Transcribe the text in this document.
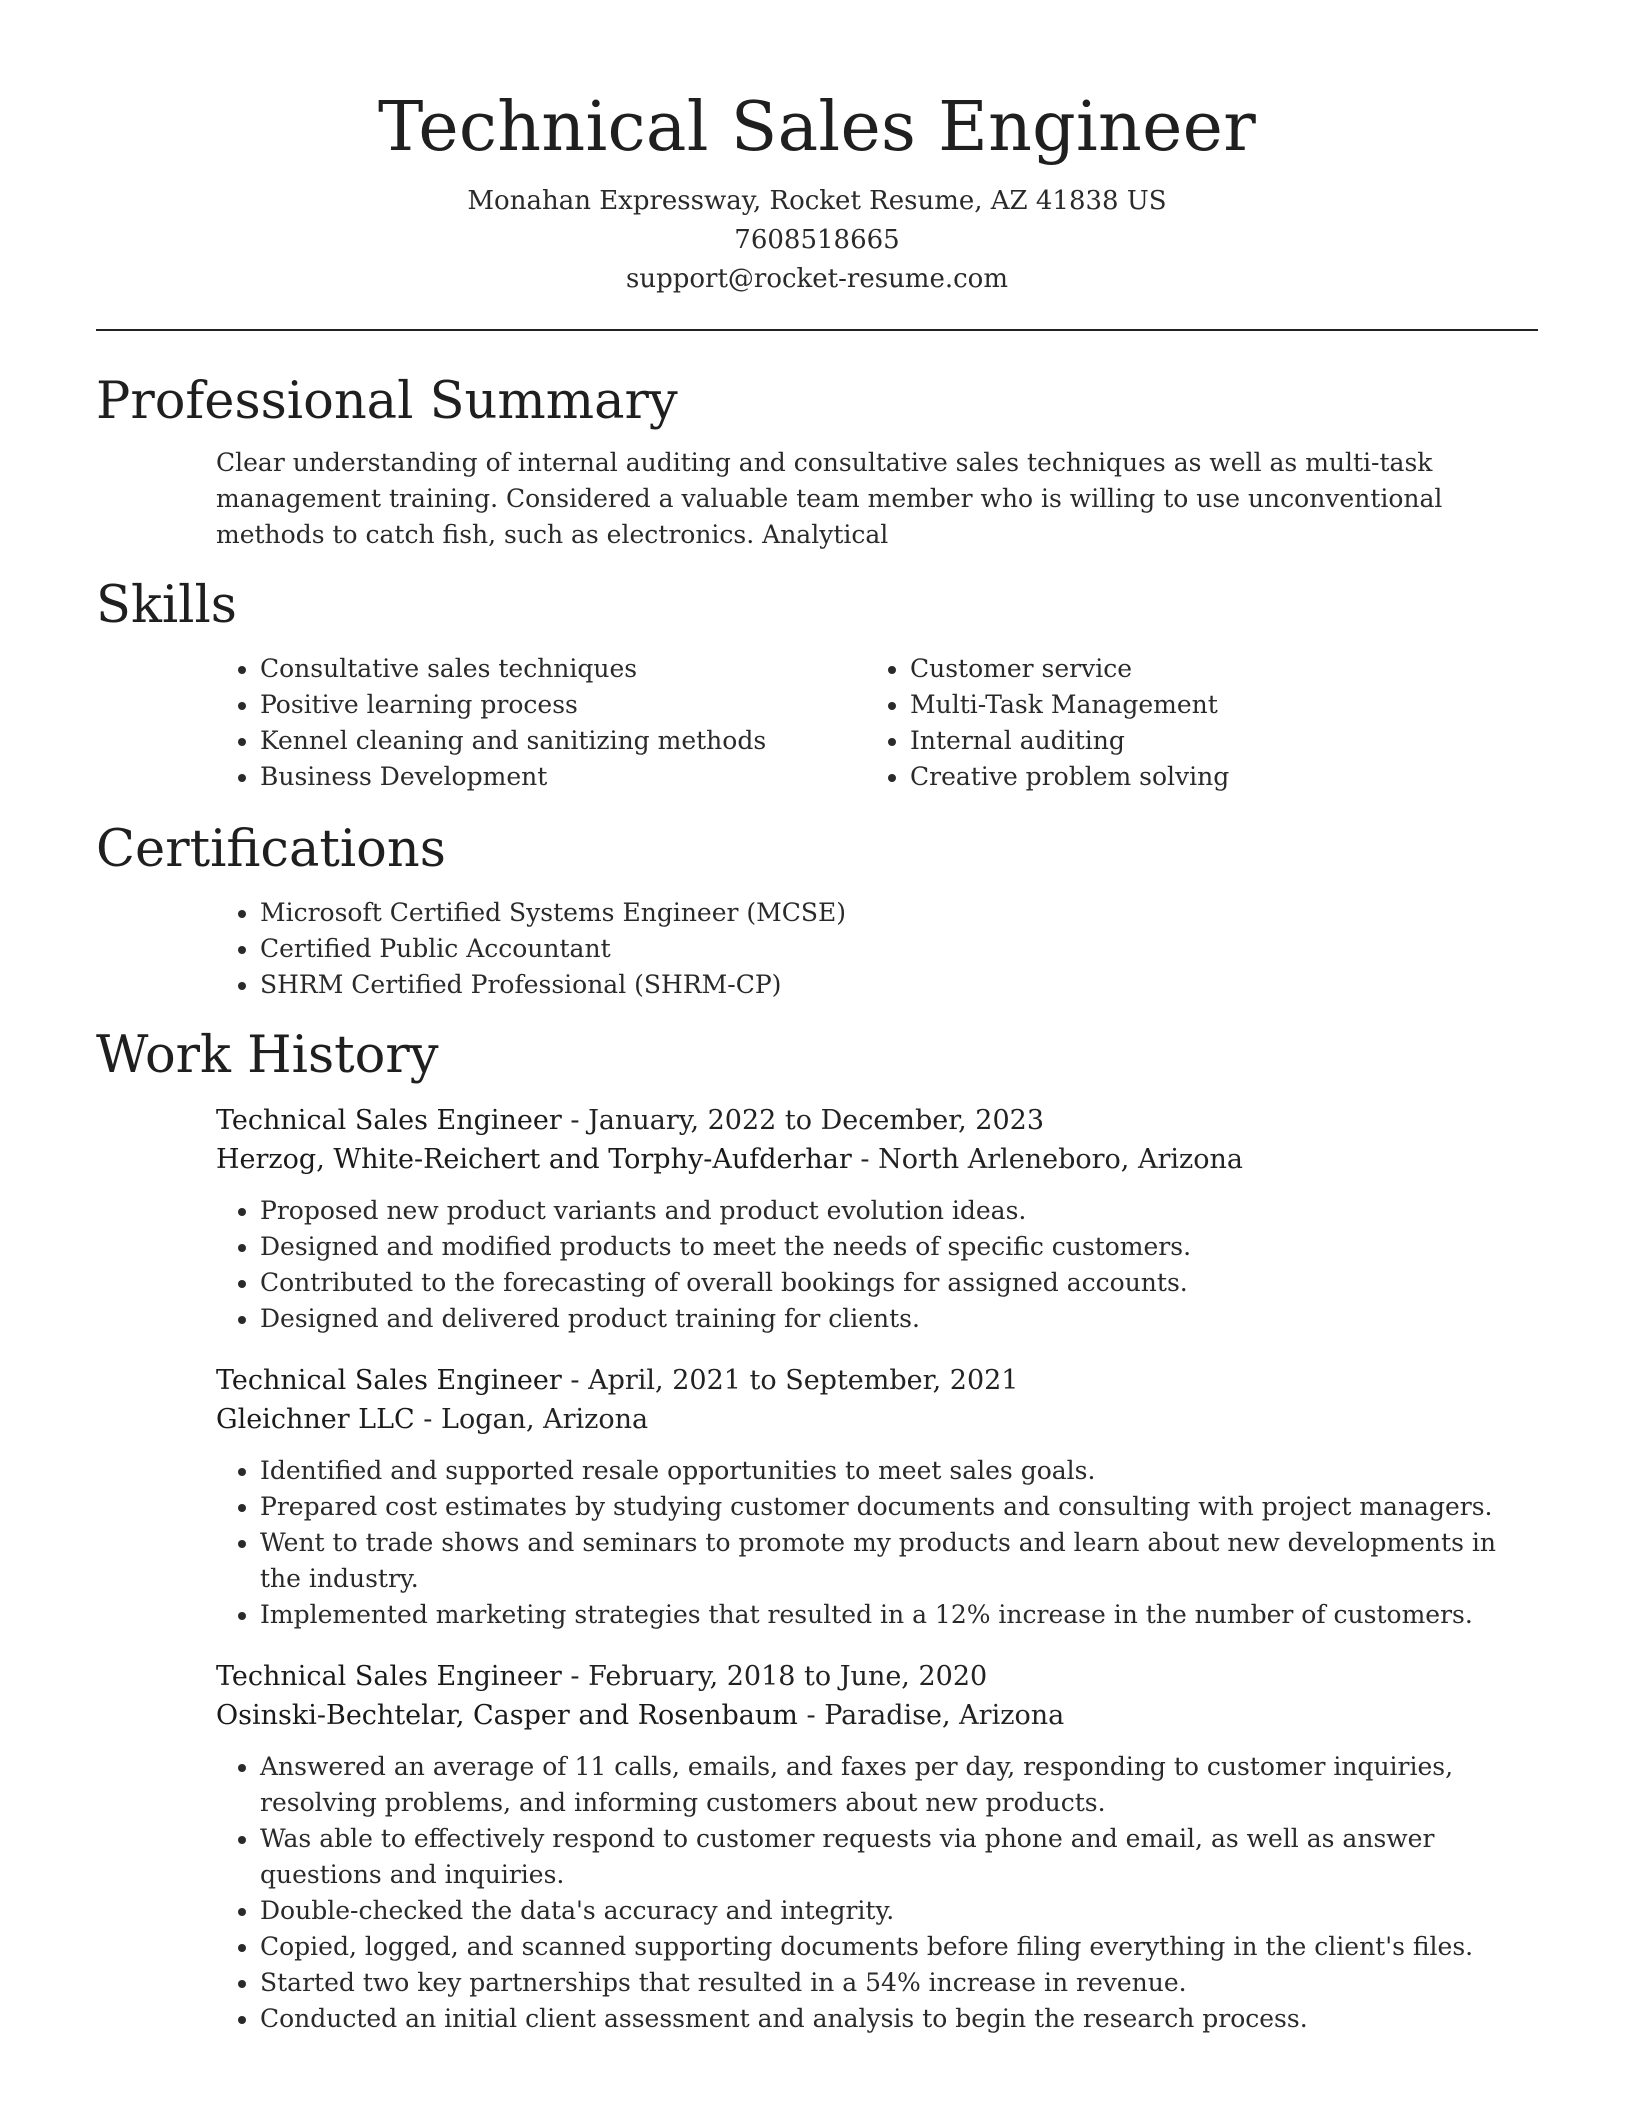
Technical Sales Engineer
Monahan Expressway, Rocket Resume, AZ 41838 US
7608518665
support@rocket-resume.com
Professional Summary
Clear understanding of internal auditing and consultative sales techniques as well as multi-task management training. Considered a valuable team member who is willing to use unconventional methods to catch fish, such as electronics. Analytical
Skills
• Consultative sales techniques
• Positive learning process
• Kennel cleaning and sanitizing methods
• Business Development
• Customer service
• Multi-Task Management
• Internal auditing
• Creative problem solving
Certifications
• Microsoft Certified Systems Engineer (MCSE)
• Certified Public Accountant
• SHRM Certified Professional (SHRM-CP)
Work History
Technical Sales Engineer - January, 2022 to December, 2023
Herzog, White-Reichert and Torphy-Aufderhar - North Arleneboro, Arizona
• Proposed new product variants and product evolution ideas.
• Designed and modified products to meet the needs of specific customers.
• Contributed to the forecasting of overall bookings for assigned accounts.
• Designed and delivered product training for clients.
Technical Sales Engineer - April, 2021 to September, 2021
Gleichner LLC - Logan, Arizona
• Identified and supported resale opportunities to meet sales goals.
• Prepared cost estimates by studying customer documents and consulting with project managers.
• Went to trade shows and seminars to promote my products and learn about new developments in the industry.
• Implemented marketing strategies that resulted in a 12% increase in the number of customers.
Technical Sales Engineer - February, 2018 to June, 2020
Osinski-Bechtelar, Casper and Rosenbaum - Paradise, Arizona
• Answered an average of 11 calls, emails, and faxes per day, responding to customer inquiries, resolving problems, and informing customers about new products.
• Was able to effectively respond to customer requests via phone and email, as well as answer questions and inquiries.
• Double-checked the data's accuracy and integrity.
• Copied, logged, and scanned supporting documents before filing everything in the client's files.
• Started two key partnerships that resulted in a 54% increase in revenue.
• Conducted an initial client assessment and analysis to begin the research process.
